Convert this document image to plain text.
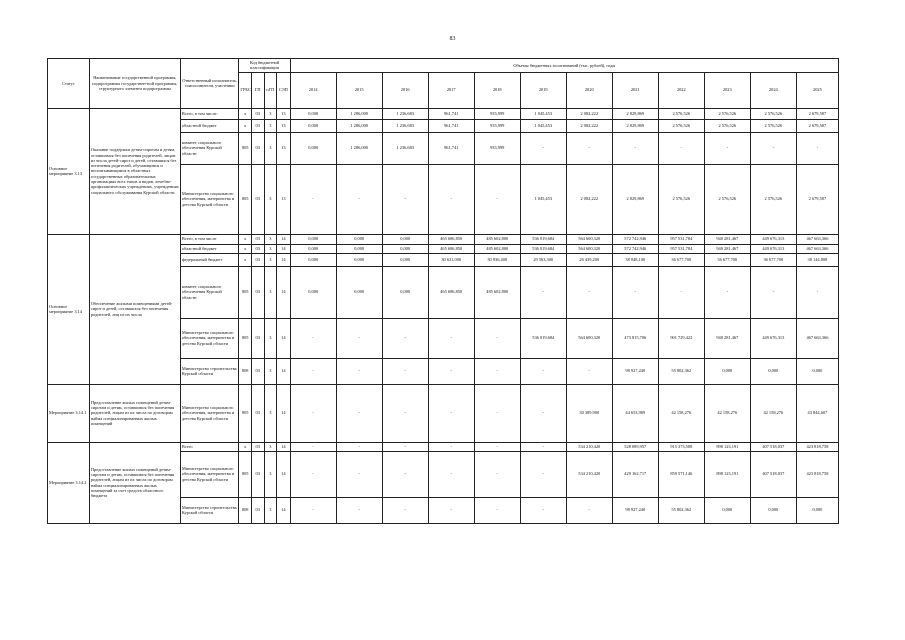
83
Статус	Наименование государственной программы, подпрограммы государствен-ной программы, структурного элемента подпрограммы	Ответственный исполнитель, соисполнители, участники	Код бюджетной классификации				Объемы бюджетных ассигнований (тыс. рублей), годы											
			ГРБС	ГП	пГП	СЭП	2014	2015	2016	2017	2018	2019	2020	2021	2022	2023	2024	2025
Основное мероприятие 3.13	Оказание поддержки детям-сиротам и детям, оставшимся без попечения родителей, лицам из числа детей-сирот и детей, оставшихся без попечения родителей, обучающимся и воспитывающимся в областных государственных образовательных организациях всех типов и видов, лечебно-профилактических учреждениях, учреждениях социального обслуживания Курской области	Всего, в том числе:	х	03	3	13	0,000	1 286,000	1 236,683	961,741	935,999	1 045,453	2 082,222	2 829,869	2 576,526	2 576,526	2 576,526	2 679,587
		областной бюджет	х	03	3	13	0,000	1 286,000	1 236,683	961,741	935,999	1 045,453	2 082,222	2 829,869	2 576,526	2 576,526	2 576,526	2 679,587
		комитет социального обеспечения Курской области	805	03	3	13	0,000	1 286,000	1 236,683	961,741	935,999	-	-	-	-	-	-	-
		Министерство социального обеспечения, материнства и детства Курской области	805	03	3	13	-	-	-	-	-	1 045,453	2 082,222	2 829,869	2 576,526	2 576,526	2 576,526	2 679,587
Основное мероприятие 3.14	Обеспечение жилыми помещениями детей-сирот и детей, оставшихся без попечения родителей, лиц из их числа	Всего, в том числе	х	03	3	14	0,000	0,000	0,000	465 686,850	485 602,800	536 019,684	564 600,320	572 742,946	957 531,784	940 281,467	449 676,313	467 663,366
		областной бюджет	х	03	3	14	0,000	0,000	0,000	465 686,850	485 602,800	536 019,684	564 600,320	572 742,946	957 531,784	940 281,467	449 676,313	467 663,366
		федеральный бюджет	х	03	3	14	0,000	0,000	0,000	30 631,000	30 836,400	29 563,300	26 439,200	38 848,100	36 677,700	36 677,700	36 677,700	38 144,808
		комитет социального обеспечения Курской области	805	03	3	14	0,000	0,000	0,000	465 686,850	485 602,800	-	-	-	-	-	-	-
		Министерство социального обеспечения, материнства и детства Курской области	805	03	3	14	-	-	-	-	-	536 019,684	564 600,320	473 815,706	901 729,422	940 281,467	449 676,313	467 663,366
		Министерство строительства Курской области	808	03	3	14	-	-	-	-	-	-	-	98 927,240	55 802,362	0,000	0,000	0,000
Мероприятие 3.14.1	Предоставление жилых помещений детям-сиротам и детям, оставшимся без попечения родителей, лицам из их числа по договорам найма специализированных жилых помещений	Министерство социального обеспечения, материнства и детства Курской области	805	03	3	14	-	-	-	-	-	-	30 389,900	44 653,989	42 158,276	42 158,276	42 158,276	43 844,607
Мероприятие 3.14.2	Предоставление жилых помещений детям-сиротам и детям, оставшимся без попечения родителей, лицам из их числа по договорам найма специализированных жилых помещений за счет средств областного бюджета	Всего	х	03	3	14	-	-	-	-	-	-	534 210,420	528 089,957	915 373,508	898 123,191	407 518,037	423 818,758
		Министерство социального обеспечения, материнства и детства Курской области	805	03	3	14	-	-	-	-	-	-	534 210,420	429 162,717	859 571,146	898 123,191	407 518,037	423 818,758
		Министерство строительства Курской области	808	03	3	14	-	-	-	-	-	-	-	98 927,240	55 802,362	0,000	0,000	0,000
